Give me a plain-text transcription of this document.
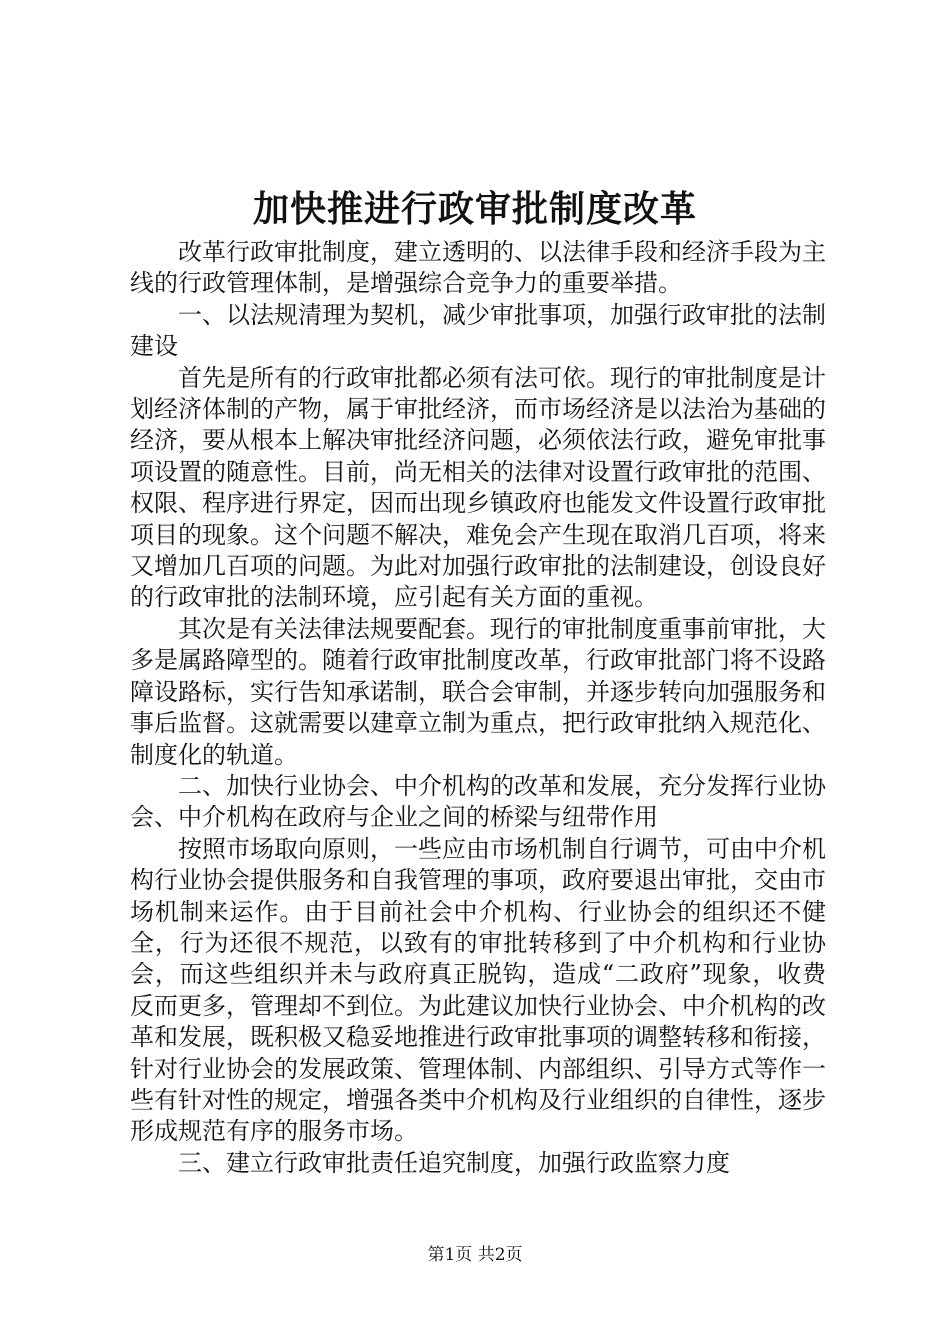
加快推进行政审批制度改革

改革行政审批制度，建立透明的、以法律手段和经济手段为主线的行政管理体制，是增强综合竞争力的重要举措。

一、以法规清理为契机，减少审批事项，加强行政审批的法制建设

首先是所有的行政审批都必须有法可依。现行的审批制度是计划经济体制的产物，属于审批经济，而市场经济是以法治为基础的经济，要从根本上解决审批经济问题，必须依法行政，避免审批事项设置的随意性。目前，尚无相关的法律对设置行政审批的范围、权限、程序进行界定，因而出现乡镇政府也能发文件设置行政审批项目的现象。这个问题不解决，难免会产生现在取消几百项，将来又增加几百项的问题。为此对加强行政审批的法制建设，创设良好的行政审批的法制环境，应引起有关方面的重视。

其次是有关法律法规要配套。现行的审批制度重事前审批，大多是属路障型的。随着行政审批制度改革，行政审批部门将不设路障设路标，实行告知承诺制，联合会审制，并逐步转向加强服务和事后监督。这就需要以建章立制为重点，把行政审批纳入规范化、制度化的轨道。

二、加快行业协会、中介机构的改革和发展，充分发挥行业协会、中介机构在政府与企业之间的桥梁与纽带作用

按照市场取向原则，一些应由市场机制自行调节，可由中介机构行业协会提供服务和自我管理的事项，政府要退出审批，交由市场机制来运作。由于目前社会中介机构、行业协会的组织还不健全，行为还很不规范，以致有的审批转移到了中介机构和行业协会，而这些组织并未与政府真正脱钩，造成“二政府”现象，收费反而更多，管理却不到位。为此建议加快行业协会、中介机构的改革和发展，既积极又稳妥地推进行政审批事项的调整转移和衔接，针对行业协会的发展政策、管理体制、内部组织、引导方式等作一些有针对性的规定，增强各类中介机构及行业组织的自律性，逐步形成规范有序的服务市场。

三、建立行政审批责任追究制度，加强行政监察力度

第1页 共2页
